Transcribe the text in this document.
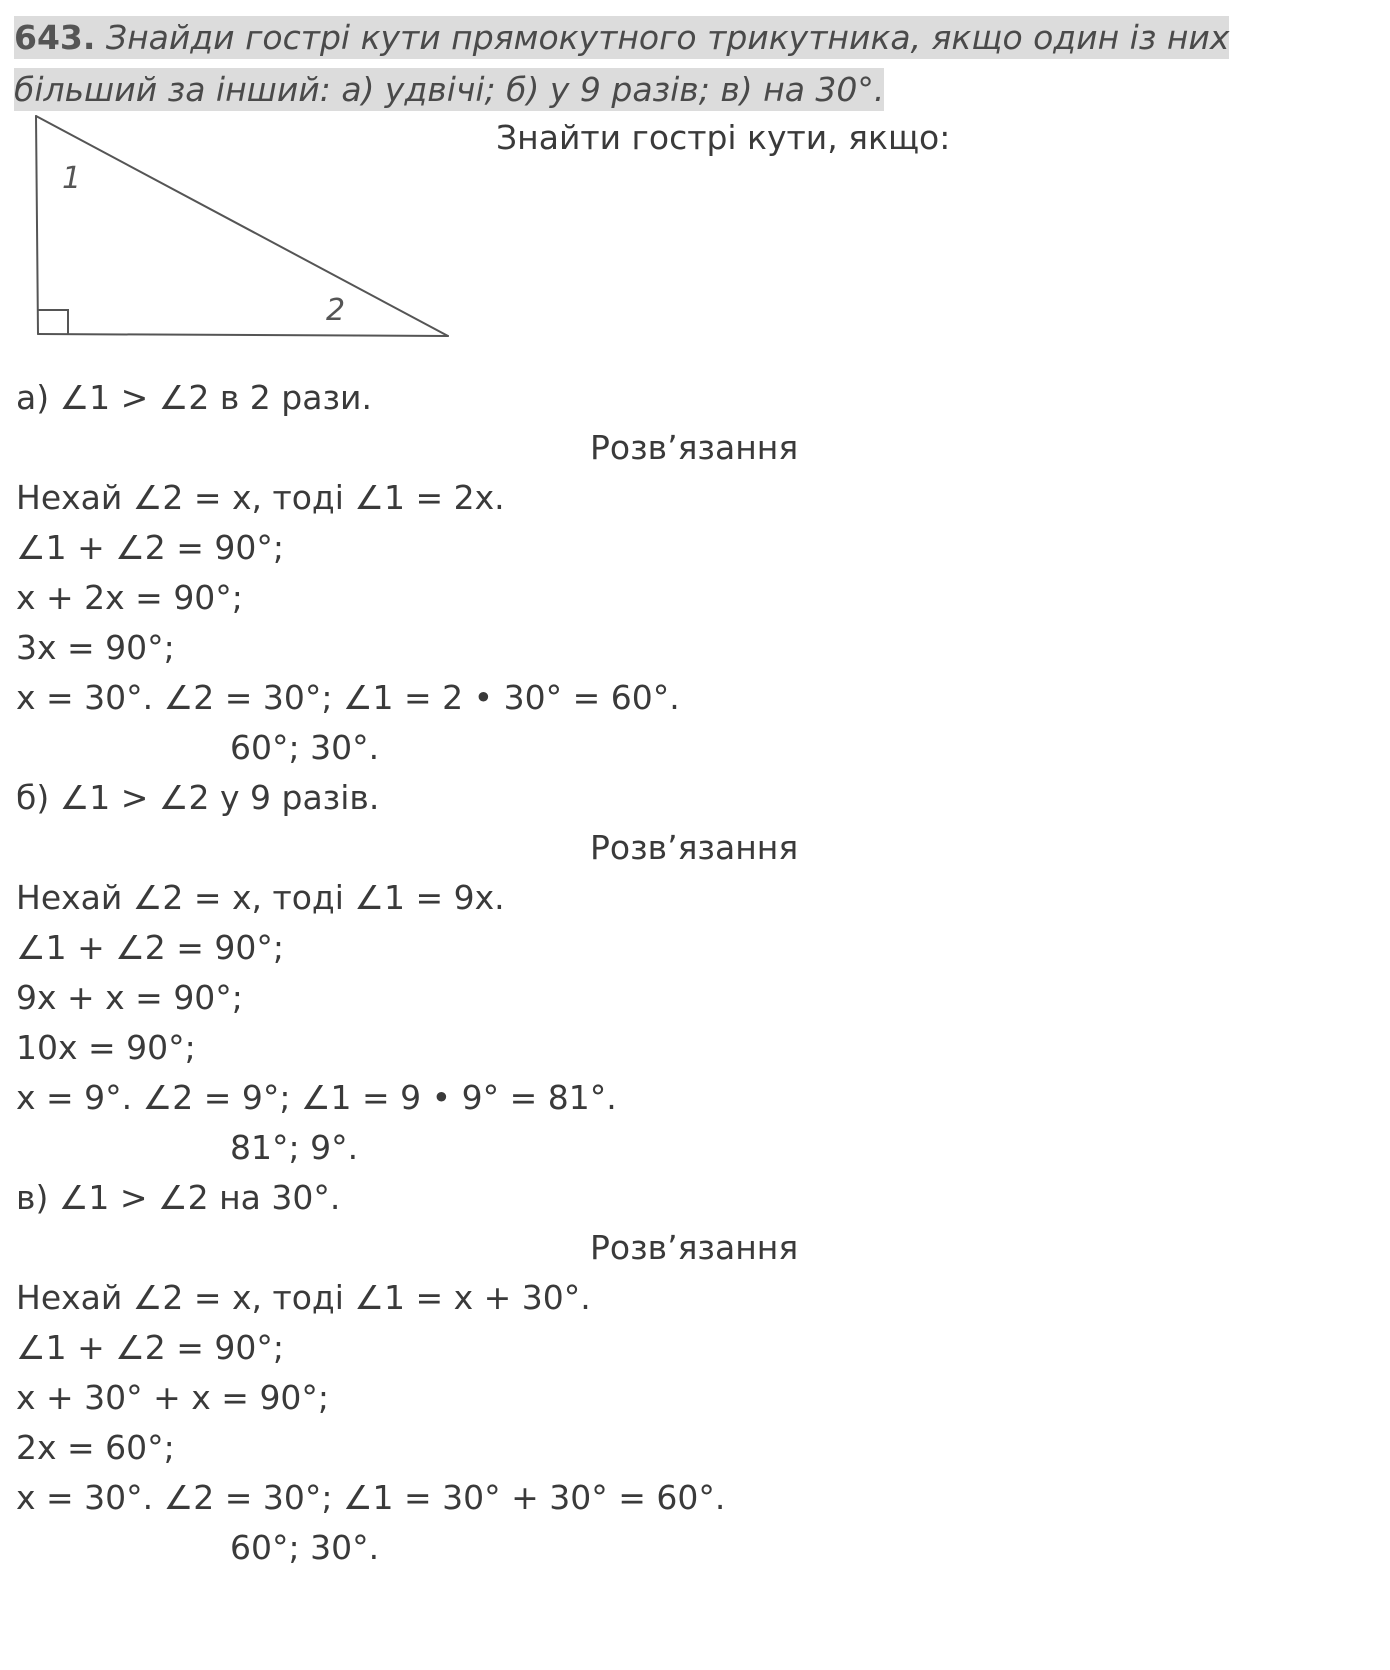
643. Знайди гострі кути прямокутного трикутника, якщо один із них
більший за інший: а) удвічі; б) у 9 разів; в) на 30°.
1
2
Знайти гострі кути, якщо:
а) ∠1 > ∠2 в 2 рази.
Розв’язання
Нехай ∠2 = x, тоді ∠1 = 2x.
∠1 + ∠2 = 90°;
x + 2x = 90°;
3x = 90°;
x = 30°. ∠2 = 30°; ∠1 = 2 • 30° = 60°.
60°; 30°.
б) ∠1 > ∠2 у 9 разів.
Розв’язання
Нехай ∠2 = x, тоді ∠1 = 9x.
∠1 + ∠2 = 90°;
9x + x = 90°;
10x = 90°;
x = 9°. ∠2 = 9°; ∠1 = 9 • 9° = 81°.
81°; 9°.
в) ∠1 > ∠2 на 30°.
Розв’язання
Нехай ∠2 = x, тоді ∠1 = x + 30°.
∠1 + ∠2 = 90°;
x + 30° + x = 90°;
2x = 60°;
x = 30°. ∠2 = 30°; ∠1 = 30° + 30° = 60°.
60°; 30°.
